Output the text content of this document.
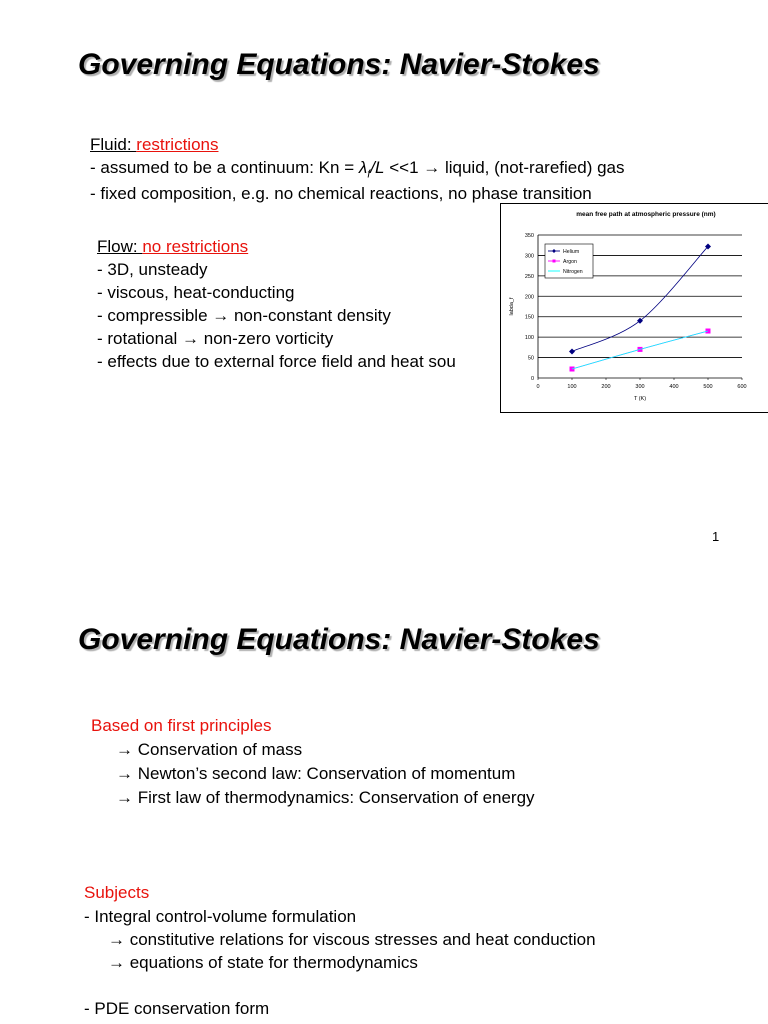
Governing Equations: Navier-Stokes
Fluid: restrictions
- assumed to be a continuum: $Kn = \lambda_f/L <<1$ → liquid, (not-rarefied) gas
- fixed composition, e.g. no chemical reactions, no phase transition
Flow: no restrictions
- 3D, unsteady
- viscous, heat-conducting
- compressible → non-constant density
- rotational → non-zero vorticity
- effects due to external force field and heat sou
mean free path at atmospheric pressure (nm)
0
50
100
150
200
250
300
350
0	100	200	300	400	500	600
T (K)
labda_f
Helium
Argon
Nitrogen
1
Governing Equations: Navier-Stokes
Based on first principles
→ Conservation of mass
→ Newton’s second law: Conservation of momentum
→ First law of thermodynamics: Conservation of energy
Subjects
- Integral control-volume formulation
→ constitutive relations for viscous stresses and heat conduction
→ equations of state for thermodynamics
- PDE conservation form
